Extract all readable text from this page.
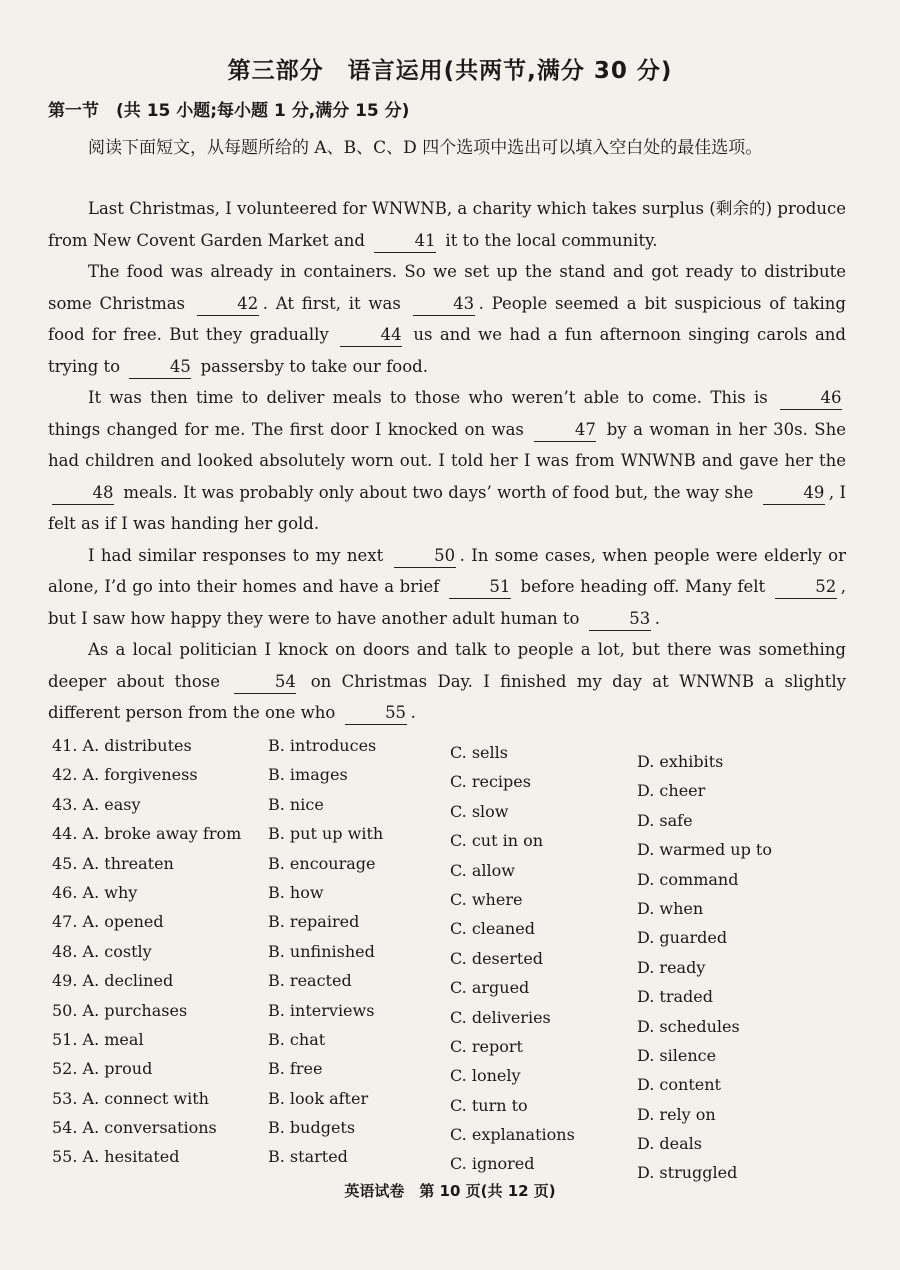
第三部分　语言运用(共两节,满分 30 分)
第一节　(共 15 小题;每小题 1 分,满分 15 分)
阅读下面短文，从每题所给的 A、B、C、D 四个选项中选出可以填入空白处的最佳选项。

Last Christmas, I volunteered for WNWNB, a charity which takes surplus (剩余的) produce from New Covent Garden Market and	41 it to the local community.

The food was already in containers. So we set up the stand and got ready to distribute some Christmas	42 . At first, it was	43 . People seemed a bit suspicious of taking food for free. But they gradually	44 us and we had a fun afternoon singing carols and trying to	45 passersby to take our food.

It was then time to deliver meals to those who weren’t able to come. This is	46 things changed for me. The first door I knocked on was	47 by a woman in her 30s. She had children and looked absolutely worn out. I told her I was from WNWNB and gave her the 48 meals. It was probably only about two days’ worth of food but, the way she	49 , I felt as if I was handing her gold.

I had similar responses to my next	50 . In some cases, when people were elderly or alone, I’d go into their homes and have a brief	51 before heading off. Many felt	52 , but I saw how happy they were to have another adult human to	53 .

As a local politician I knock on doors and talk to people a lot, but there was something deeper about those	54 on Christmas Day. I finished my day at WNWNB a slightly different person from the one who	55 .

41. A. distributes	B. introduces	C. sells	D. exhibits
42. A. forgiveness	B. images	C. recipes	D. cheer
43. A. easy	B. nice	C. slow	D. safe
44. A. broke away from B. put up with	C. cut in on	D. warmed up to
45. A. threaten	B. encourage	C. allow	D. command
46. A. why	B. how	C. where	D. when
47. A. opened	B. repaired	C. cleaned	D. guarded
48. A. costly	B. unfinished	C. deserted	D. ready
49. A. declined	B. reacted	C. argued	D. traded
50. A. purchases	B. interviews	C. deliveries	D. schedules
51. A. meal	B. chat	C. report	D. silence
52. A. proud	B. free	C. lonely	D. content
53. A. connect with	B. look after	C. turn to	D. rely on
54. A. conversations	B. budgets	C. explanations	D. deals
55. A. hesitated	B. started	C. ignored	D. struggled
英语试卷　第 10 页(共 12 页)
